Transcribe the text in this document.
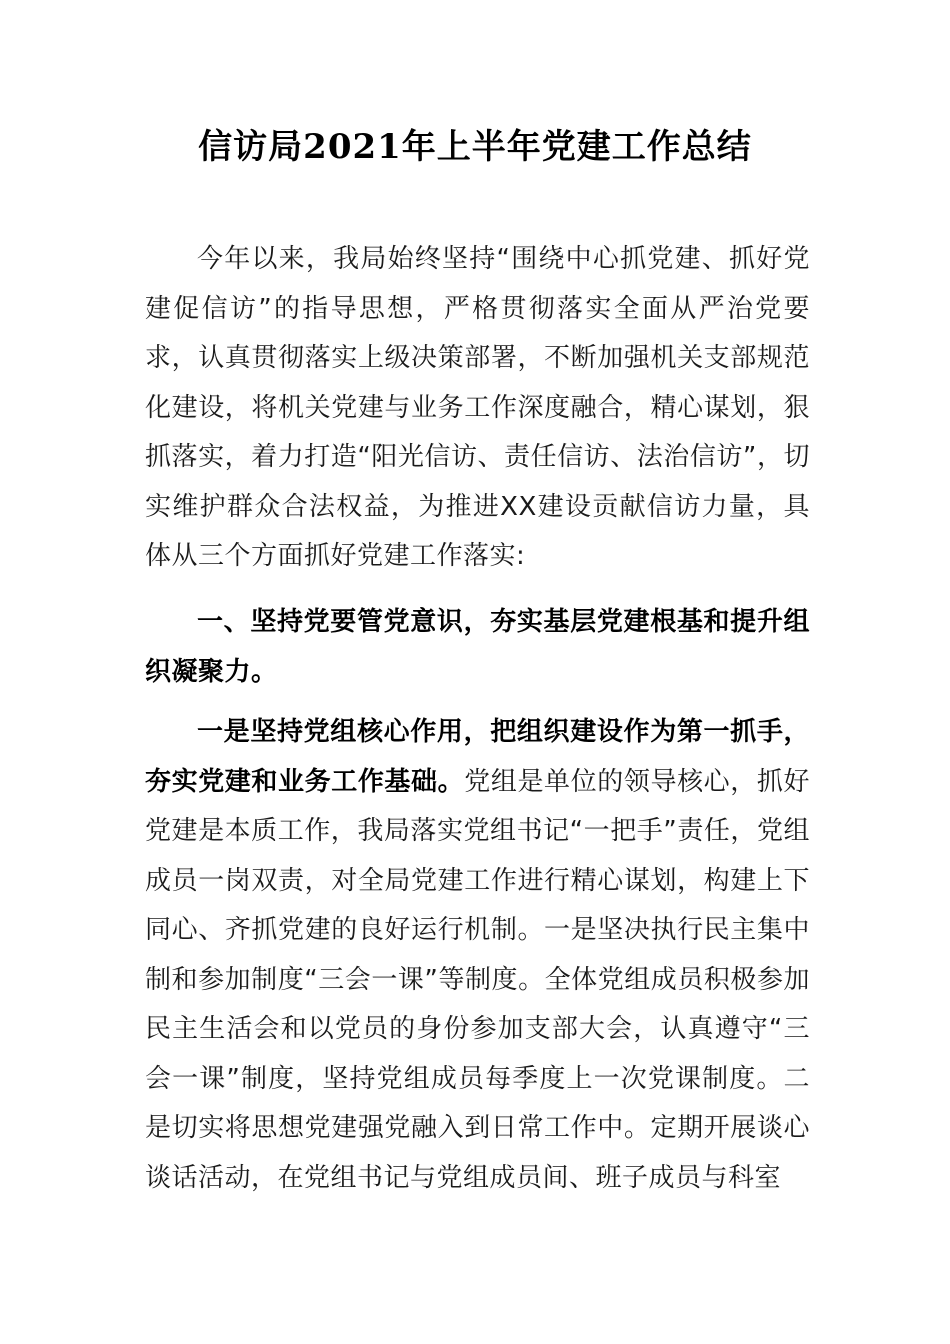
信访局2021年上半年党建工作总结

今年以来，我局始终坚持“围绕中心抓党建、抓好党建促信访”的指导思想，严格贯彻落实全面从严治党要求，认真贯彻落实上级决策部署，不断加强机关支部规范化建设，将机关党建与业务工作深度融合，精心谋划，狠抓落实，着力打造“阳光信访、责任信访、法治信访”，切实维护群众合法权益，为推进XX建设贡献信访力量，具体从三个方面抓好党建工作落实:

一、坚持党要管党意识，夯实基层党建根基和提升组织凝聚力。

一是坚持党组核心作用，把组织建设作为第一抓手，夯实党建和业务工作基础。党组是单位的领导核心，抓好党建是本质工作，我局落实党组书记“一把手”责任，党组成员一岗双责，对全局党建工作进行精心谋划，构建上下同心、齐抓党建的良好运行机制。一是坚决执行民主集中制和参加制度“三会一课”等制度。全体党组成员积极参加民主生活会和以党员的身份参加支部大会，认真遵守“三会一课”制度，坚持党组成员每季度上一次党课制度。二是切实将思想党建强党融入到日常工作中。定期开展谈心谈话活动，在党组书记与党组成员间、班子成员与科室
